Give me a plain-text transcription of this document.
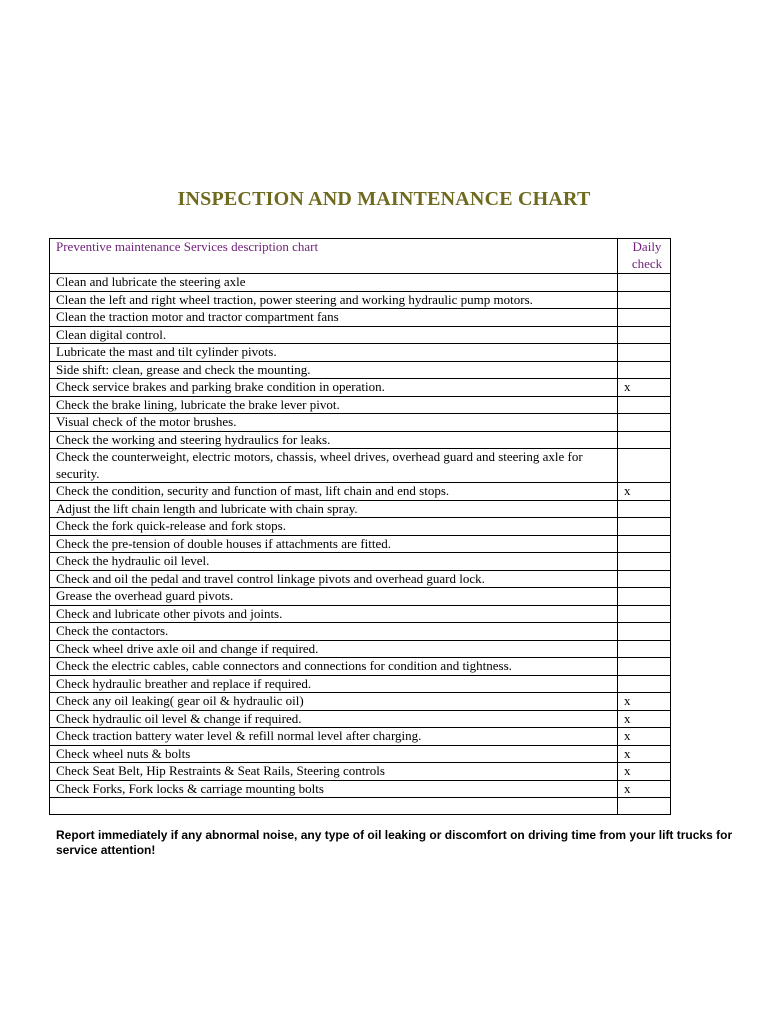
INSPECTION AND MAINTENANCE CHART
Preventive maintenance Services description chart	Daily check
Clean and lubricate the steering axle	
Clean the left and right wheel traction, power steering and working hydraulic pump motors.	
Clean the traction motor and tractor compartment fans	
Clean digital control.	
Lubricate the mast and tilt cylinder pivots.	
Side shift: clean, grease and check the mounting.	
Check service brakes and parking brake condition in operation.	x
Check the brake lining, lubricate the brake lever pivot.	
Visual check of the motor brushes.	
Check the working and steering hydraulics for leaks.	
Check the counterweight, electric motors, chassis, wheel drives, overhead guard and steering axle for security.	
Check the condition, security and function of mast, lift chain and end stops.	x
Adjust the lift chain length and lubricate with chain spray.	
Check the fork quick-release and fork stops.	
Check the pre-tension of double houses if attachments are fitted.	
Check the hydraulic oil level.	
Check and oil the pedal and travel control linkage pivots and overhead guard lock.	
Grease the overhead guard pivots.	
Check and lubricate other pivots and joints.	
Check the contactors.	
Check wheel drive axle oil and change if required.	
Check the electric cables, cable connectors and connections for condition and tightness.	
Check hydraulic breather and replace if required.	
Check any oil leaking( gear oil & hydraulic oil)	x
Check hydraulic oil level & change if required.	x
Check traction battery water level & refill normal level after charging.	x
Check wheel nuts & bolts	x
Check Seat Belt, Hip Restraints & Seat Rails, Steering controls	x
Check Forks, Fork locks & carriage mounting bolts	x

Report immediately if any abnormal noise, any type of oil leaking or discomfort on driving time from your lift trucks for service attention!
